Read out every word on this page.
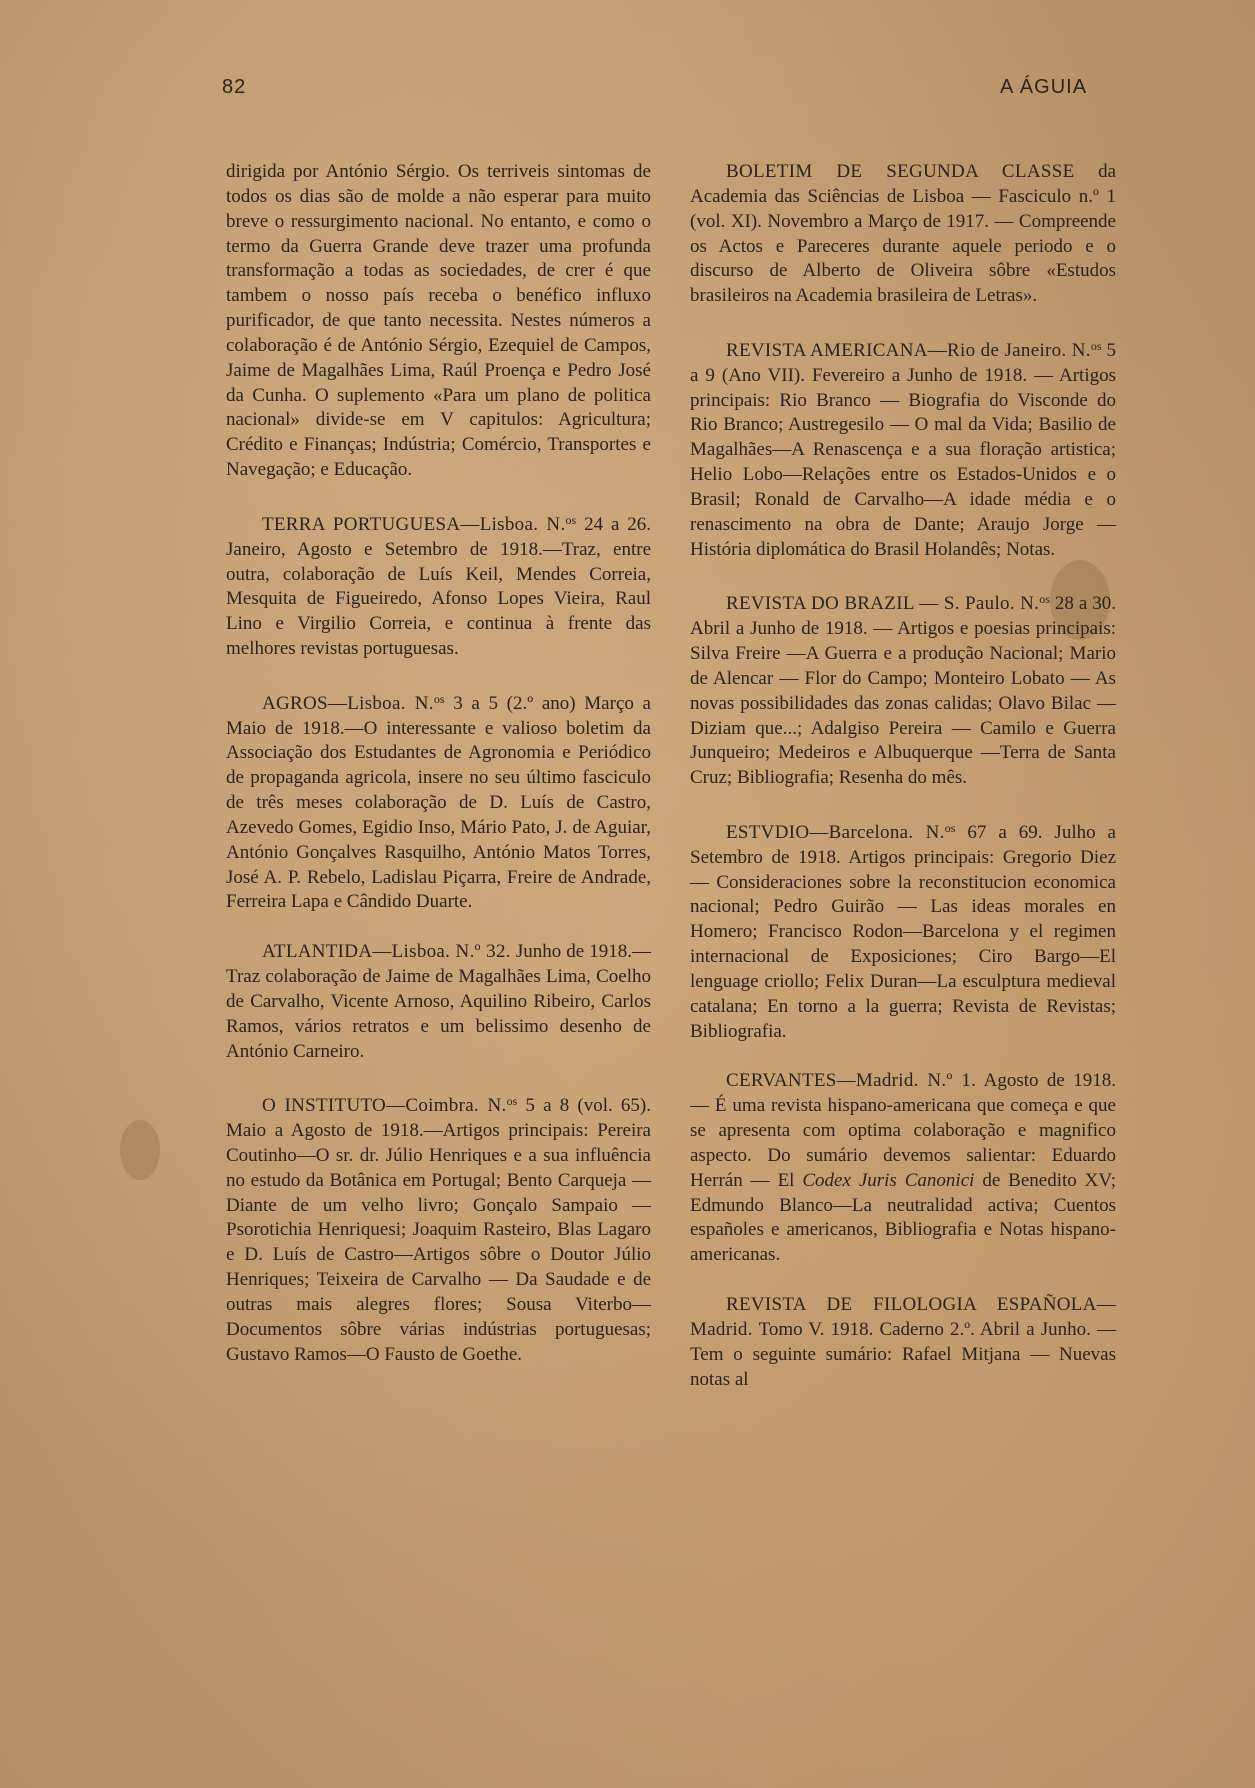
82	A ÁGUIA

dirigida por António Sérgio. Os terriveis sintomas de todos os dias são de molde a não esperar para muito breve o ressurgimento nacional. No entanto, e como o termo da Guerra Grande deve trazer uma profunda transformação a todas as sociedades, de crer é que tambem o nosso país receba o benéfico influxo purificador, de que tanto necessita. Nestes números a colaboração é de António Sérgio, Ezequiel de Campos, Jaime de Magalhães Lima, Raúl Proença e Pedro José da Cunha. O suplemento «Para um plano de politica nacional» divide-se em V capitulos: Agricultura; Crédito e Finanças; Indústria; Comércio, Transportes e Navegação; e Educação.

TERRA PORTUGUESA—Lisboa. N.$^{os}$ 24 a 26. Janeiro, Agosto e Setembro de 1918.—Traz, entre outra, colaboração de Luís Keil, Mendes Correia, Mesquita de Figueiredo, Afonso Lopes Vieira, Raul Lino e Virgilio Correia, e continua à frente das melhores revistas portuguesas.

AGROS—Lisboa. N.$^{os}$ 3 a 5 (2.º ano) Março a Maio de 1918.—O interessante e valioso boletim da Associação dos Estudantes de Agronomia e Periódico de propaganda agricola, insere no seu último fasciculo de três meses colaboração de D. Luís de Castro, Azevedo Gomes, Egidio Inso, Mário Pato, J. de Aguiar, António Gonçalves Rasquilho, António Matos Torres, José A. P. Rebelo, Ladislau Piçarra, Freire de Andrade, Ferreira Lapa e Cândido Duarte.

ATLANTIDA—Lisboa. N.º 32. Junho de 1918.—Traz colaboração de Jaime de Magalhães Lima, Coelho de Carvalho, Vicente Arnoso, Aquilino Ribeiro, Carlos Ramos, vários retratos e um belissimo desenho de António Carneiro.

O INSTITUTO—Coimbra. N.$^{os}$ 5 a 8 (vol. 65). Maio a Agosto de 1918.—Artigos principais: Pereira Coutinho—O sr. dr. Júlio Henriques e a sua influência no estudo da Botânica em Portugal; Bento Carqueja — Diante de um velho livro; Gonçalo Sampaio — Psorotichia Henriquesi; Joaquim Rasteiro, Blas Lagaro e D. Luís de Castro—Artigos sôbre o Doutor Júlio Henriques; Teixeira de Carvalho — Da Saudade e de outras mais alegres flores; Sousa Viterbo—Documentos sôbre várias indústrias portuguesas; Gustavo Ramos—O Fausto de Goethe.

BOLETIM DE SEGUNDA CLASSE da Academia das Sciências de Lisboa — Fasciculo n.º 1 (vol. XI). Novembro a Março de 1917. — Compreende os Actos e Pareceres durante aquele periodo e o discurso de Alberto de Oliveira sôbre «Estudos brasileiros na Academia brasileira de Letras».

REVISTA AMERICANA—Rio de Janeiro. N.$^{os}$ 5 a 9 (Ano VII). Fevereiro a Junho de 1918. — Artigos principais: Rio Branco — Biografia do Visconde do Rio Branco; Austregesilo — O mal da Vida; Basilio de Magalhães—A Renascença e a sua floração artistica; Helio Lobo—Relações entre os Estados-Unidos e o Brasil; Ronald de Carvalho—A idade média e o renascimento na obra de Dante; Araujo Jorge — História diplomática do Brasil Holandês; Notas.

REVISTA DO BRAZIL — S. Paulo. N.$^{os}$ 28 a 30. Abril a Junho de 1918. — Artigos e poesias principais: Silva Freire —A Guerra e a produção Nacional; Mario de Alencar — Flor do Campo; Monteiro Lobato — As novas possibilidades das zonas calidas; Olavo Bilac — Diziam que...; Adalgiso Pereira — Camilo e Guerra Junqueiro; Medeiros e Albuquerque —Terra de Santa Cruz; Bibliografia; Resenha do mês.

ESTVDIO—Barcelona. N.$^{os}$ 67 a 69. Julho a Setembro de 1918. Artigos principais: Gregorio Diez — Consideraciones sobre la reconstitucion economica nacional; Pedro Guirão — Las ideas morales en Homero; Francisco Rodon—Barcelona y el regimen internacional de Exposiciones; Ciro Bargo—El lenguage criollo; Felix Duran—La esculptura medieval catalana; En torno a la guerra; Revista de Revistas; Bibliografia.

CERVANTES—Madrid. N.º 1. Agosto de 1918. — É uma revista hispano-americana que começa e que se apresenta com optima colaboração e magnifico aspecto. Do sumário devemos salientar: Eduardo Herrán — El Codex Juris Canonici de Benedito XV; Edmundo Blanco—La neutralidad activa; Cuentos españoles e americanos, Bibliografia e Notas hispano-americanas.

REVISTA DE FILOLOGIA ESPAÑOLA—Madrid. Tomo V. 1918. Caderno 2.º. Abril a Junho. — Tem o seguinte sumário: Rafael Mitjana — Nuevas notas al
